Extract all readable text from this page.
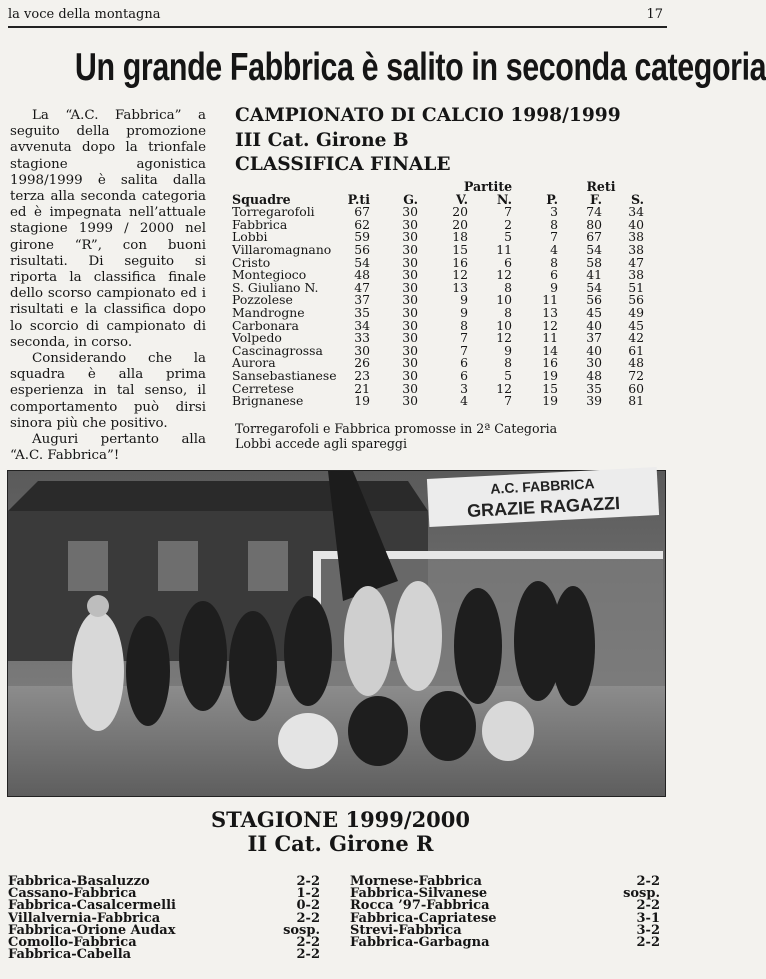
la voce della montagna	17
Un grande Fabbrica è salito in seconda categoria

La “A.C. Fabbrica” a seguito della promozione avvenuta dopo la trionfale stagione agonistica 1998/1999 è salita dalla terza alla seconda categoria ed è impegnata nell’attuale stagione 1999 / 2000 nel girone “R”, con buoni risultati. Di seguito si riporta la classifica finale dello scorso campionato ed i risultati e la classifica dopo lo scorcio di campionato di seconda, in corso.

Considerando che la squadra è alla prima esperienza in tal senso, il comportamento può dirsi sinora più che positivo.

Auguri pertanto alla “A.C. Fabbrica”!

CAMPIONATO DI CALCIO 1998/1999
III Cat. Girone B
CLASSIFICA FINALE
			Partite			Reti	
Squadre	P.ti	G.	V.	N.	P.	F.	S.
Torregarofoli	67	30	20	7	3	74	34
Fabbrica	62	30	20	2	8	80	40
Lobbi	59	30	18	5	7	67	38
Villaromagnano	56	30	15	11	4	54	38
Cristo	54	30	16	6	8	58	47
Montegioco	48	30	12	12	6	41	38
S. Giuliano N.	47	30	13	8	9	54	51
Pozzolese	37	30	9	10	11	56	56
Mandrogne	35	30	9	8	13	45	49
Carbonara	34	30	8	10	12	40	45
Volpedo	33	30	7	12	11	37	42
Cascinagrossa	30	30	7	9	14	40	61
Aurora	26	30	6	8	16	30	48
Sansebastianese	23	30	6	5	19	48	72
Cerretese	21	30	3	12	15	35	60
Brignanese	19	30	4	7	19	39	81
Torregarofoli e Fabbrica promosse in 2ª Categoria
Lobbi accede agli spareggi
A.C. FABBRICA
GRAZIE RAGAZZI
STAGIONE 1999/2000
II Cat. Girone R
Fabbrica-Basaluzzo	2-2
Cassano-Fabbrica	1-2
Fabbrica-Casalcermelli	0-2
Villalvernia-Fabbrica	2-2
Fabbrica-Orione Audax	sosp.
Comollo-Fabbrica	2-2
Fabbrica-Cabella	2-2
Mornese-Fabbrica	2-2
Fabbrica-Silvanese	sosp.
Rocca ’97-Fabbrica	2-2
Fabbrica-Capriatese	3-1
Strevi-Fabbrica	3-2
Fabbrica-Garbagna	2-2
